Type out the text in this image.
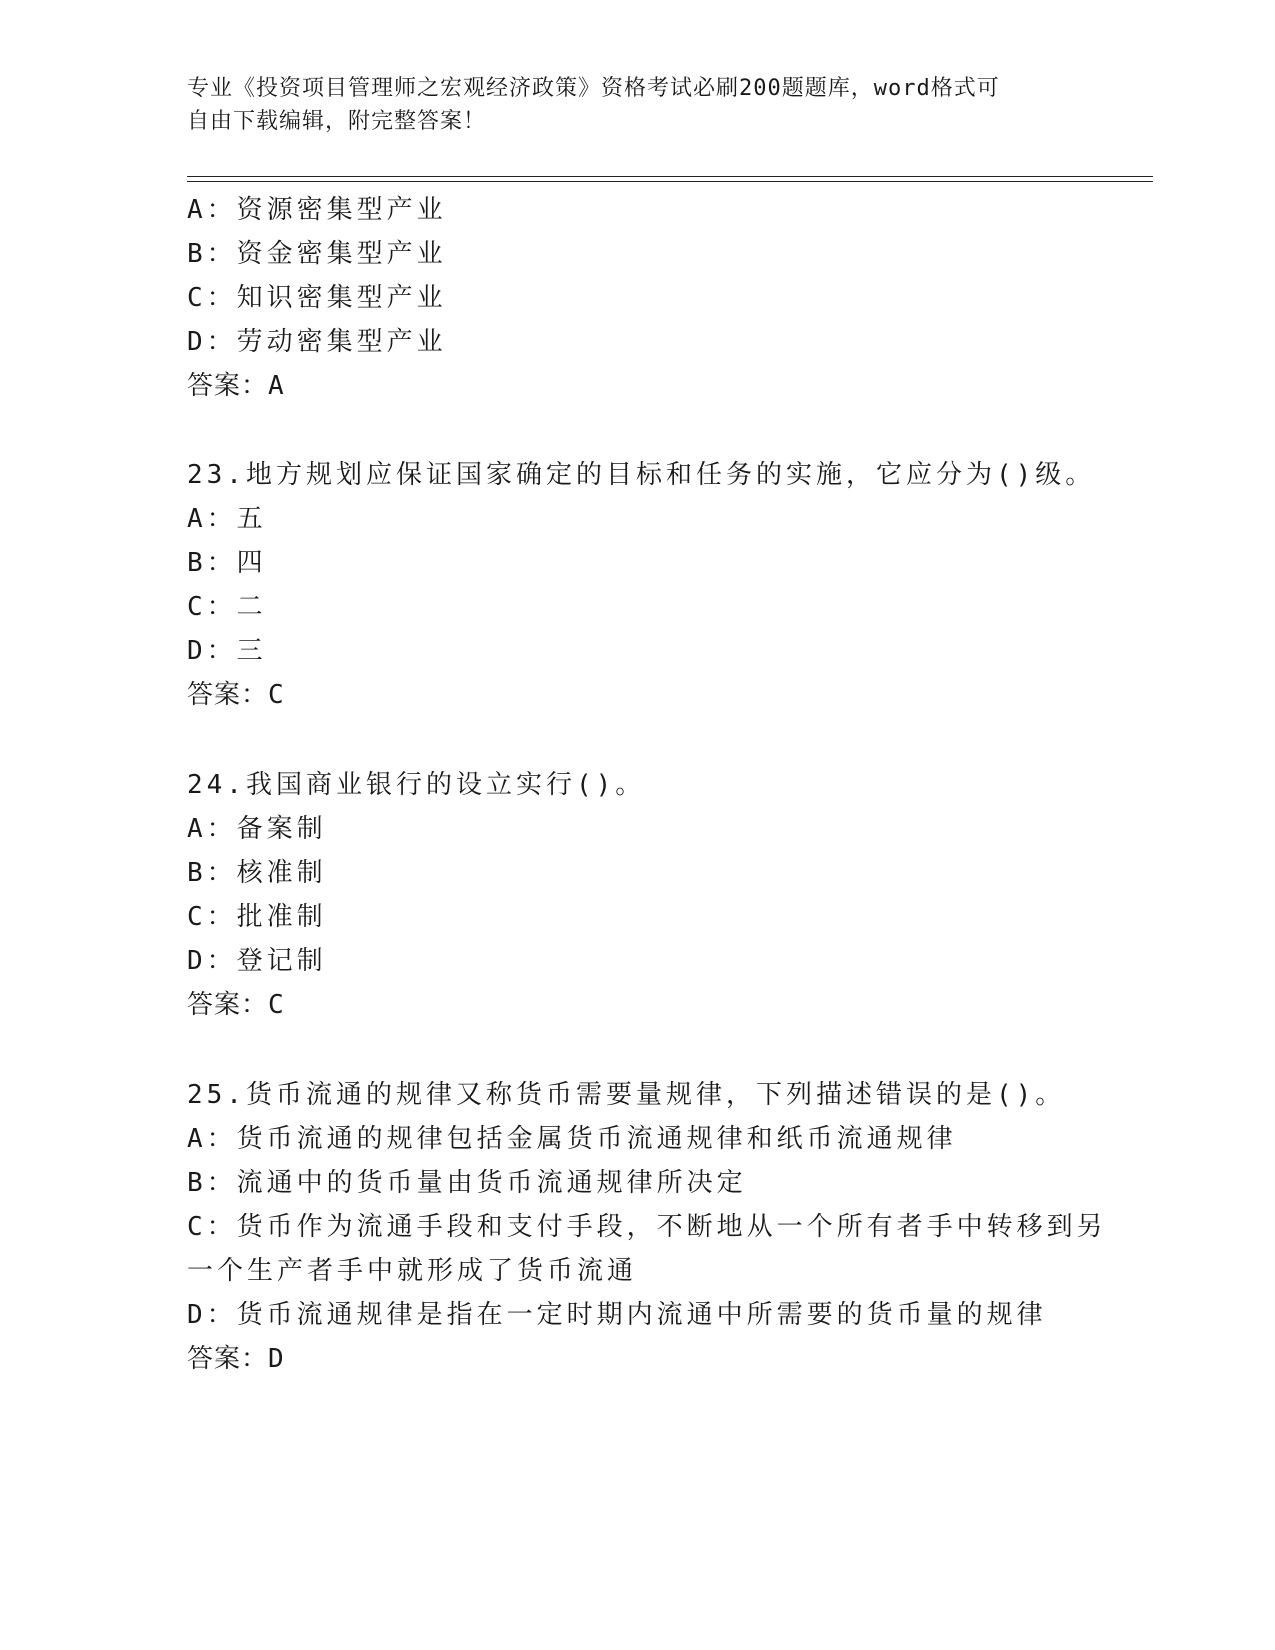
专业《投资项目管理师之宏观经济政策》资格考试必刷200题题库，word格式可
自由下载编辑，附完整答案！
A：资源密集型产业
B：资金密集型产业
C：知识密集型产业
D：劳动密集型产业
答案：A
23.地方规划应保证国家确定的目标和任务的实施，它应分为()级。
A：五
B：四
C：二
D：三
答案：C
24.我国商业银行的设立实行()。
A：备案制
B：核准制
C：批准制
D：登记制
答案：C
25.货币流通的规律又称货币需要量规律，下列描述错误的是()。
A：货币流通的规律包括金属货币流通规律和纸币流通规律
B：流通中的货币量由货币流通规律所决定
C：货币作为流通手段和支付手段，不断地从一个所有者手中转移到另
一个生产者手中就形成了货币流通
D：货币流通规律是指在一定时期内流通中所需要的货币量的规律
答案：D
